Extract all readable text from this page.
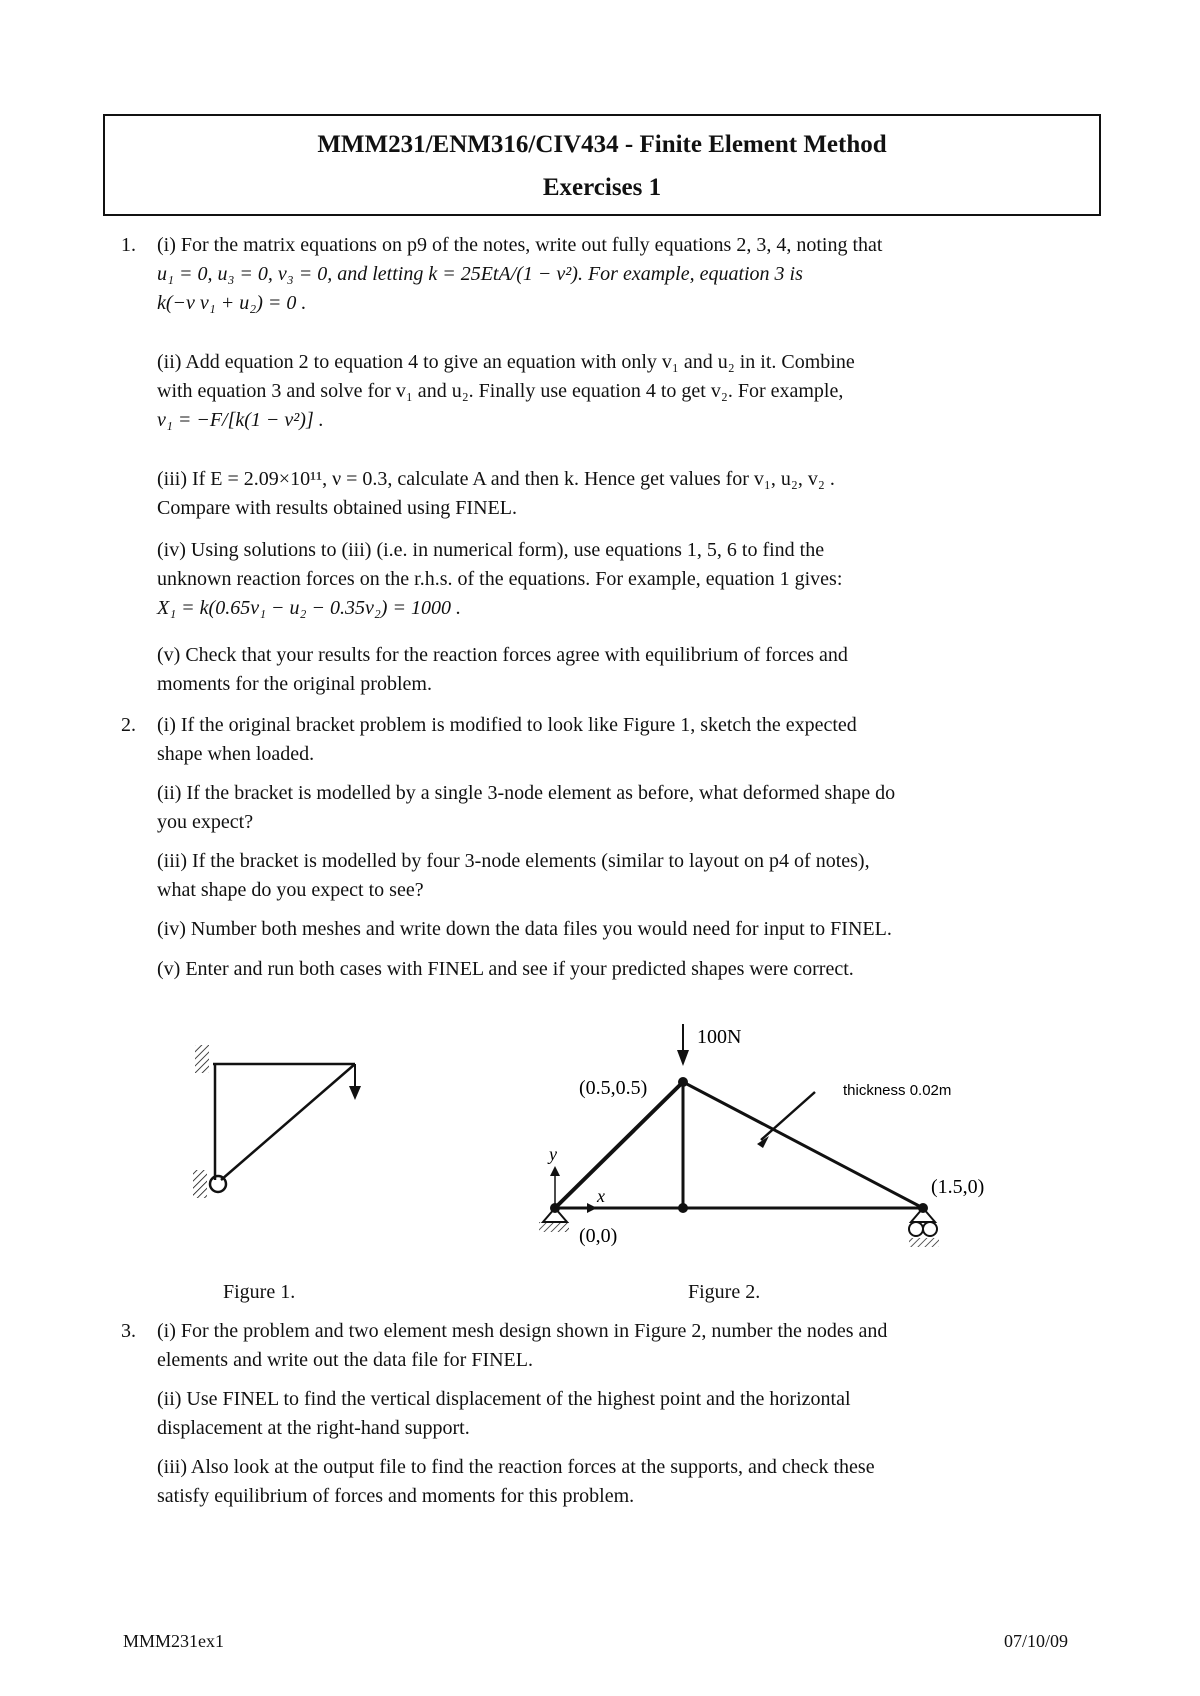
MMM231/ENM316/CIV434 - Finite Element Method
Exercises 1
1. (i) For the matrix equations on p9 of the notes, write out fully equations 2, 3, 4, noting that

u₁ = 0, u₃ = 0, v₃ = 0, and letting k = 25EtA/(1 − ν²). For example, equation 3 is

k(−ν v₁ + u₂) = 0 .

(ii) Add equation 2 to equation 4 to give an equation with only v₁ and u₂ in it. Combine

with equation 3 and solve for v₁ and u₂. Finally use equation 4 to get v₂. For example,

v₁ = −F/[k(1 − ν²)] .

(iii) If E = 2.09×10¹¹, ν = 0.3, calculate A and then k. Hence get values for v₁, u₂, v₂ .

Compare with results obtained using FINEL.

(iv) Using solutions to (iii) (i.e. in numerical form), use equations 1, 5, 6 to find the

unknown reaction forces on the r.h.s. of the equations. For example, equation 1 gives:

X₁ = k(0.65v₁ − u₂ − 0.35v₂) = 1000 .

(v) Check that your results for the reaction forces agree with equilibrium of forces and

moments for the original problem.

2. (i) If the original bracket problem is modified to look like Figure 1, sketch the expected

shape when loaded.

(ii) If the bracket is modelled by a single 3-node element as before, what deformed shape do

you expect?

(iii) If the bracket is modelled by four 3-node elements (similar to layout on p4 of notes),

what shape do you expect to see?

(iv) Number both meshes and write down the data files you would need for input to FINEL.

(v) Enter and run both cases with FINEL and see if your predicted shapes were correct.

Figure 1.
100N
thickness 0.02m
(0.5,0.5)
(1.5,0)
(0,0)
y
x
Figure 2.
3. (i) For the problem and two element mesh design shown in Figure 2, number the nodes and

elements and write out the data file for FINEL.

(ii) Use FINEL to find the vertical displacement of the highest point and the horizontal

displacement at the right-hand support.

(iii) Also look at the output file to find the reaction forces at the supports, and check these

satisfy equilibrium of forces and moments for this problem.

MMM231ex1	07/10/09
